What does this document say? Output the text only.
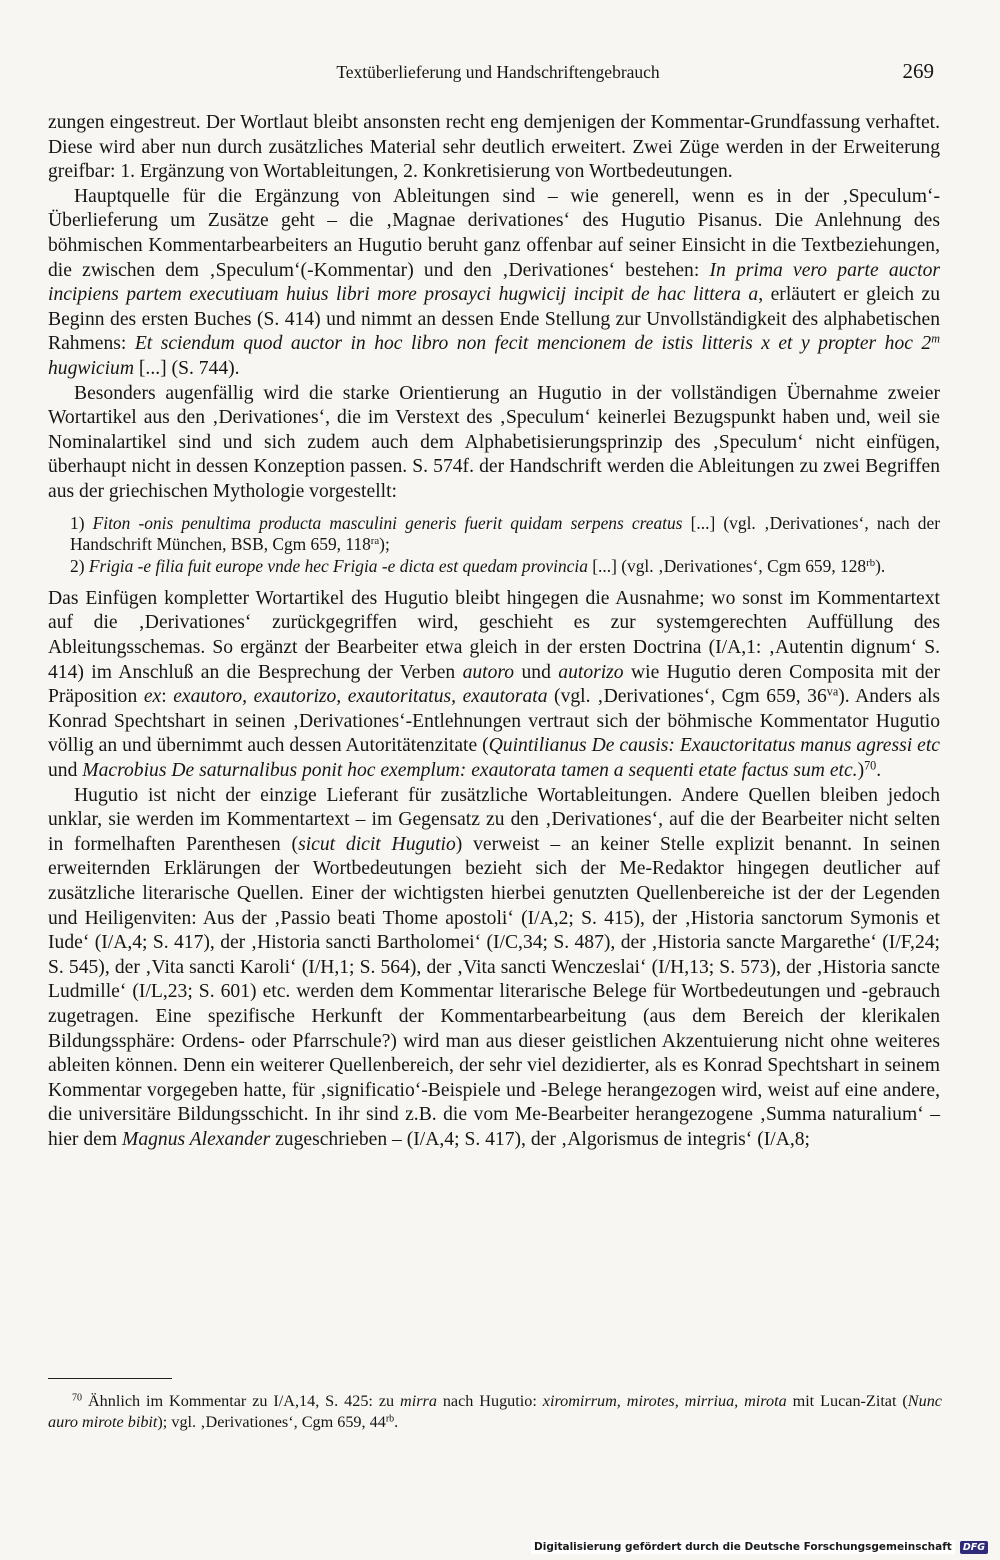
Textüberlieferung und Handschriftengebrauch	269

zungen eingestreut. Der Wortlaut bleibt ansonsten recht eng demjenigen der Kommentar-Grundfassung verhaftet. Diese wird aber nun durch zusätzliches Material sehr deutlich erweitert. Zwei Züge werden in der Erweiterung greifbar: 1. Ergänzung von Wortableitungen, 2. Konkretisierung von Wortbedeutungen.

Hauptquelle für die Ergänzung von Ableitungen sind – wie generell, wenn es in der ‚Speculum‘-Überlieferung um Zusätze geht – die ‚Magnae derivationes‘ des Hugutio Pisanus. Die Anlehnung des böhmischen Kommentarbearbeiters an Hugutio beruht ganz offenbar auf seiner Einsicht in die Textbeziehungen, die zwischen dem ‚Speculum‘(-Kommentar) und den ‚Derivationes‘ bestehen: In prima vero parte auctor incipiens partem executiuam huius libri more prosayci hugwicij incipit de hac littera a, erläutert er gleich zu Beginn des ersten Buches (S. 414) und nimmt an dessen Ende Stellung zur Unvollständigkeit des alphabetischen Rahmens: Et sciendum quod auctor in hoc libro non fecit mencionem de istis litteris x et y propter hoc 2$^m$ hugwicium [...] (S. 744).

Besonders augenfällig wird die starke Orientierung an Hugutio in der vollständigen Übernahme zweier Wortartikel aus den ‚Derivationes‘, die im Verstext des ‚Speculum‘ keinerlei Bezugspunkt haben und, weil sie Nominalartikel sind und sich zudem auch dem Alphabetisierungsprinzip des ‚Speculum‘ nicht einfügen, überhaupt nicht in dessen Konzeption passen. S. 574f. der Handschrift werden die Ableitungen zu zwei Begriffen aus der griechischen Mythologie vorgestellt:

1) Fiton -onis penultima producta masculini generis fuerit quidam serpens creatus [...] (vgl. ‚Derivationes‘, nach der Handschrift München, BSB, Cgm 659, $118^{ra}$);

2) Frigia -e filia fuit europe vnde hec Frigia -e dicta est quedam provincia [...] (vgl. ‚Derivationes‘, Cgm 659, $128^{rb}$).

Das Einfügen kompletter Wortartikel des Hugutio bleibt hingegen die Ausnahme; wo sonst im Kommentartext auf die ‚Derivationes‘ zurückgegriffen wird, geschieht es zur systemgerechten Auffüllung des Ableitungsschemas. So ergänzt der Bearbeiter etwa gleich in der ersten Doctrina (I/A,1: ‚Autentin dignum‘ S. 414) im Anschluß an die Besprechung der Verben autoro und autorizo wie Hugutio deren Composita mit der Präposition ex: exautoro, exautorizo, exautoritatus, exautorata (vgl. ‚Derivationes‘, Cgm 659, $36^{va}$). Anders als Konrad Spechtshart in seinen ‚Derivationes‘-Entlehnungen vertraut sich der böhmische Kommentator Hugutio völlig an und übernimmt auch dessen Autoritätenzitate (Quintilianus De causis: Exauctoritatus manus agressi etc und Macrobius De saturnalibus ponit hoc exemplum: exautorata tamen a sequenti etate factus sum etc.)$^{70}$.

Hugutio ist nicht der einzige Lieferant für zusätzliche Wortableitungen. Andere Quellen bleiben jedoch unklar, sie werden im Kommentartext – im Gegensatz zu den ‚Derivationes‘, auf die der Bearbeiter nicht selten in formelhaften Parenthesen (sicut dicit Hugutio) verweist – an keiner Stelle explizit benannt. In seinen erweiternden Erklärungen der Wortbedeutungen bezieht sich der Me-Redaktor hingegen deutlicher auf zusätzliche literarische Quellen. Einer der wichtigsten hierbei genutzten Quellenbereiche ist der der Legenden und Heiligenviten: Aus der ‚Passio beati Thome apostoli‘ (I/A,2; S. 415), der ‚Historia sanctorum Symonis et Iude‘ (I/A,4; S. 417), der ‚Historia sancti Bartholomei‘ (I/C,34; S. 487), der ‚Historia sancte Margarethe‘ (I/F,24; S. 545), der ‚Vita sancti Karoli‘ (I/H,1; S. 564), der ‚Vita sancti Wenczeslai‘ (I/H,13; S. 573), der ‚Historia sancte Ludmille‘ (I/L,23; S. 601) etc. werden dem Kommentar literarische Belege für Wortbedeutungen und -gebrauch zugetragen. Eine spezifische Herkunft der Kommentarbearbeitung (aus dem Bereich der klerikalen Bildungssphäre: Ordens- oder Pfarrschule?) wird man aus dieser geistlichen Akzentuierung nicht ohne weiteres ableiten können. Denn ein weiterer Quellenbereich, der sehr viel dezidierter, als es Konrad Spechtshart in seinem Kommentar vorgegeben hatte, für ‚significatio‘-Beispiele und -Belege herangezogen wird, weist auf eine andere, die universitäre Bildungsschicht. In ihr sind z.B. die vom Me-Bearbeiter herangezogene ‚Summa naturalium‘ – hier dem Magnus Alexander zugeschrieben – (I/A,4; S. 417), der ‚Algorismus de integris‘ (I/A,8;

$^{70}$ Ähnlich im Kommentar zu I/A,14, S. 425: zu mirra nach Hugutio: xiromirrum, mirotes, mirriua, mirota mit Lucan-Zitat (Nunc auro mirote bibit); vgl. ‚Derivationes‘, Cgm 659, $44^{rb}$.
Digitalisierung gefördert durch die Deutsche Forschungsgemeinschaft	DFG
